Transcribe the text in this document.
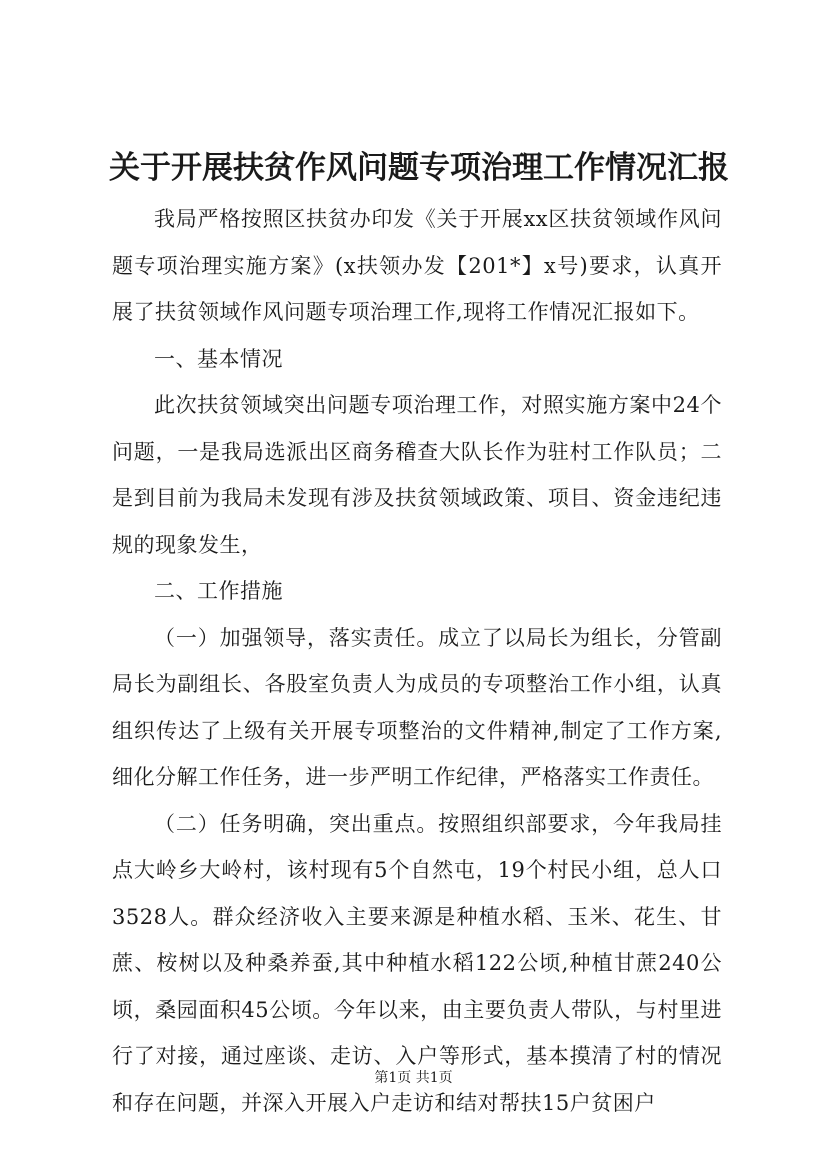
关于开展扶贫作风问题专项治理工作情况汇报

我局严格按照区扶贫办印发《关于开展xx区扶贫领域作风问题专项治理实施方案》(x扶领办发【201*】x号)要求，认真开展了扶贫领域作风问题专项治理工作,现将工作情况汇报如下。

一、基本情况

此次扶贫领域突出问题专项治理工作，对照实施方案中24个问题，一是我局选派出区商务稽查大队长作为驻村工作队员；二是到目前为我局未发现有涉及扶贫领域政策、项目、资金违纪违规的现象发生，

二、工作措施

（一）加强领导，落实责任。成立了以局长为组长，分管副局长为副组长、各股室负责人为成员的专项整治工作小组，认真组织传达了上级有关开展专项整治的文件精神,制定了工作方案,细化分解工作任务，进一步严明工作纪律，严格落实工作责任。

（二）任务明确，突出重点。按照组织部要求，今年我局挂点大岭乡大岭村，该村现有5个自然屯，19个村民小组，总人口3528人。群众经济收入主要来源是种植水稻、玉米、花生、甘蔗、桉树以及种桑养蚕,其中种植水稻122公顷,种植甘蔗240公顷，桑园面积45公顷。今年以来，由主要负责人带队，与村里进行了对接，通过座谈、走访、入户等形式，基本摸清了村的情况和存在问题，并深入开展入户走访和结对帮扶15户贫困户

第1页 共1页
